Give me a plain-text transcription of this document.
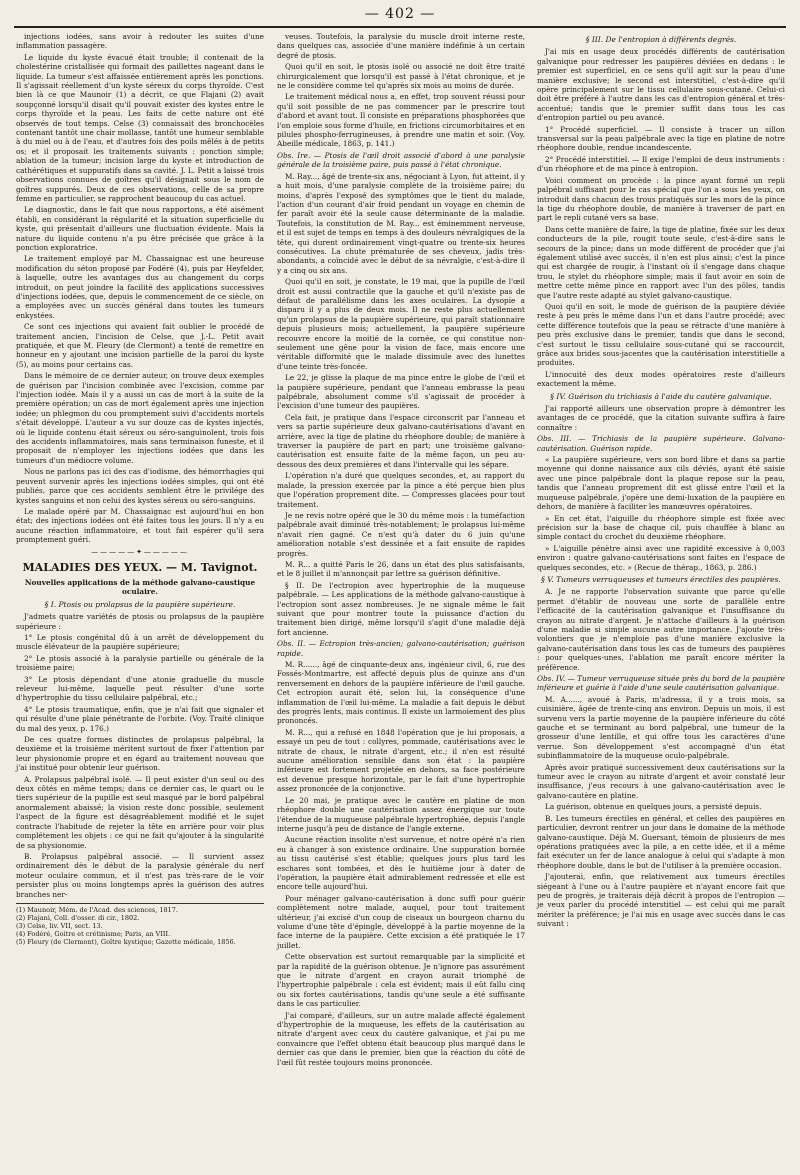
— 402 —

injections iodées, sans avoir à redouter les suites d'une inflammation passagère.

Le liquide du kyste évacué était trouble; il contenait de la cholestérine cristallisée qui formait des paillettes nageant dans le liquide. La tumeur s'est affaissée entièrement après les ponctions. Il s'agissait réellement d'un kyste séreux du corps thyroïde. C'est bien là ce que Maunoir (1) a décrit, ce que Flajani (2) avait soupçonné lorsqu'il disait qu'il pouvait exister des kystes entre le corps thyroïde et la peau. Les faits de cette nature ont été observés de tout temps. Celse (3) connaissait des bronchocèles contenant tantôt une chair mollasse, tantôt une humeur semblable à du miel ou à de l'eau, et d'autres fois des poils mêlés à de petits os; et il proposait les traitements suivants : ponction simple; ablation de la tumeur; incision large du kyste et introduction de cathérétiques et suppuratifs dans sa cavité. J. L. Petit a laissé trois observations connues de goîtres qu'il désignait sous le nom de goîtres suppurés. Deux de ces observations, celle de sa propre femme en particulier, se rapprochent beaucoup du cas actuel.

Le diagnostic, dans le fait que nous rapportons, a été aisément établi, en considérant la régularité et la situation superficielle du kyste, qui présentait d'ailleurs une fluctuation évidente. Mais la nature du liquide contenu n'a pu être précisée que grâce à la ponction exploratrice.

Le traitement employé par M. Chassaignac est une heureuse modification du séton proposé par Fodéré (4), puis par Heyfelder, à laquelle, outre les avantages dus au changement du corps introduit, on peut joindre la facilité des applications successives d'injections iodées, que, depuis le commencement de ce siècle, on a employées avec un succès général dans toutes les tumeurs enkystées.

Ce sont ces injections qui avaient fait oublier le procédé de traitement ancien, l'incision de Celse, que J.-L. Petit avait pratiquée, et que M. Fleury (de Clermont) a tenté de remettre en honneur en y ajoutant une incision partielle de la paroi du kyste (5), au moins pour certains cas.

Dans le mémoire de ce dernier auteur, on trouve deux exemples de guérison par l'incision combinée avec l'excision, comme par l'injection iodée. Mais il y a aussi un cas de mort à la suite de la première opération; un cas de mort également après une injection iodée; un phlegmon du cou promptement suivi d'accidents mortels s'était développé. L'auteur a vu sur douze cas de kystes injectés, où le liquide contenu était séreux ou séro-sanguinolent, trois fois des accidents inflammatoires, mais sans terminaison funeste, et il proposait de n'employer les injections iodées que dans les tumeurs d'un médiocre volume.

Nous ne parlons pas ici des cas d'iodisme, des hémorrhagies qui peuvent survenir après les injections iodées simples, qui ont été publiés, parce que ces accidents semblent être le privilége des kystes sanguins et non celui des kystes séreux ou séro-sanguins.

Le malade opéré par M. Chassaignac est aujourd'hui en bon état; des injections iodées ont été faites tous les jours. Il n'y a eu aucune réaction inflammatoire, et tout fait espérer qu'il sera promptement guéri.

—————✦—————

MALADIES DES YEUX. — M. Tavignot.

Nouvelles applications de la méthode galvano-caustique oculaire.

§ I. Ptosis ou prolapsus de la paupière supérieure.

J'admets quatre variétés de ptosis ou prolapsus de la paupière supérieure :

1° Le ptosis congénital dû à un arrêt de développement du muscle élévateur de la paupière supérieure;

2° Le ptosis associé à la paralysie partielle ou générale de la troisième paire;

3° Le ptosis dépendant d'une atonie graduelle du muscle releveur lui-même, laquelle peut résulter d'une sorte d'hypertrophie du tissu cellulaire palpébral, etc.;

4° Le ptosis traumatique, enfin, que je n'ai fait que signaler et qui résulte d'une plaie pénétrante de l'orbite. (Voy. Traité clinique du mal des yeux, p. 176.)

De ces quatre formes distinctes de prolapsus palpébral, la deuxième et la troisième méritent surtout de fixer l'attention par leur physionomie propre et en égard au traitement nouveau que j'ai institué pour obtenir leur guérison.

A. Prolapsus palpébral isolé. — Il peut exister d'un seul ou des deux côtés en même temps; dans ce dernier cas, le quart ou le tiers supérieur de la pupille est seul masqué par le bord palpébral anormalement abaissé; la vision reste donc possible, seulement l'aspect de la figure est désagréablement modifié et le sujet contracte l'habitude de rejeter la tête en arrière pour voir plus complétement les objets : ce qui ne fait qu'ajouter à la singularité de sa physionomie.

B. Prolapsus palpébral associé. — Il survient assez ordinairement dès le début de la paralysie générale du nerf moteur oculaire commun, et il n'est pas très-rare de le voir persister plus ou moins longtemps après la guérison des autres branches ner-

(1) Maunoir, Mém. de l'Acad. des sciences, 1817.
(2) Flajani, Coll. d'osser. di cir., 1802.
(3) Celse, liv. VII, sect. 13.
(4) Fodéré, Goitre et crétinisme; Paris, an VIII.
(5) Fleury (de Clermont), Goître kystique; Gazette médicale, 1856.

veuses. Toutefois, la paralysie du muscle droit interne reste, dans quelques cas, associée d'une manière indéfinie à un certain degré de ptosis.

Quoi qu'il en soit, le ptosis isolé ou associé ne doit être traité chirurgicalement que lorsqu'il est passé à l'état chronique, et je ne le considère comme tel qu'après six mois au moins de durée.

Le traitement médical nous a, en effet, trop souvent réussi pour qu'il soit possible de ne pas commencer par le prescrire tout d'abord et avant tout. Il consiste en préparations phosphorées que l'on emploie sous forme d'huile, en frictions circumorbitaires et en pilules phospho-ferrugineuses, à prendre une matin et soir. (Voy. Abeille médicale, 1863, p. 141.)

Obs. Ire. — Ptosis de l'œil droit associé d'abord à une paralysie générale de la troisième paire, puis passé à l'état chronique.

M. Ray..., âgé de trente-six ans, négociant à Lyon, fut atteint, il y a huit mois, d'une paralysie complète de la troisième paire; du moins, d'après l'exposé des symptômes que le tient du malade, l'action d'un courant d'air froid pendant un voyage en chemin de fer paraît avoir été la seule cause déterminante de la maladie. Toutefois, la constitution de M. Ray... est éminemment nerveuse, et il est sujet de temps en temps à des douleurs névralgiques de la tête, qui durent ordinairement vingt-quatre ou trente-six heures consécutives. La chute prématurée de ses cheveux, jadis très-abondants, a coïncidé avec le début de sa névralgie, c'est-à-dire il y a cinq ou six ans.

Quoi qu'il en soit, je constate, le 19 mai, que la pupille de l'œil droit est aussi contractile que la gauche et qu'il n'existe pas de défaut de parallélisme dans les axes oculaires. La dysopie a disparu il y a plus de deux mois. Il ne reste plus actuellement qu'un prolapsus de la paupière supérieure, qui paraît stationnaire depuis plusieurs mois; actuellement, la paupière supérieure recouvre encore la moitié de la cornée, ce qui constitue non-seulement une gêne pour la vision de face, mais encore une véritable difformité que le malade dissimule avec des lunettes d'une teinte très-foncée.

Le 22, je glisse la plaque de ma pince entre le globe de l'œil et la paupière supérieure, pendant que l'anneau embrasse la peau palpébrale, absolument comme s'il s'agissait de procéder à l'excision d'une tumeur des paupières.

Cela fait, je pratique dans l'espace circonscrit par l'anneau et vers sa partie supérieure deux galvano-cautérisations d'avant en arrière, avec la tige de platine du rhéophore double; de manière à traverser la paupière de part en part; une troisième galvano-cautérisation est ensuite faite de la même façon, un peu au-dessous des deux premières et dans l'intervalle qui les sépare.

L'opération n'a duré que quelques secondes, et, au rapport du malade, la pression exercée par la pince a été perçue bien plus que l'opération proprement dite. — Compresses glacées pour tout traitement.

Je ne revis notre opéré que le 30 du même mois : la tuméfaction palpébrale avait diminué très-notablement; le prolapsus lui-même n'avait rien gagné. Ce n'est qu'à dater du 6 juin qu'une amélioration notable s'est dessinée et a fait ensuite de rapides progrès.

M. R... a quitté Paris le 26, dans un état des plus satisfaisants, et le 8 juillet il m'annonçait par lettre sa guérison définitive.

§ II. De l'ectropion avec hypertrophie de la muqueuse palpébrale. — Les applications de la méthode galvano-caustique à l'ectropion sont assez nombreuses. Je ne signale même le fait suivant que pour montrer toute la puissance d'action du traitement bien dirigé, même lorsqu'il s'agit d'une maladie déjà fort ancienne.

Obs. II. — Ectropion très-ancien; galvano-cautérisation; guérison rapide.

M. R......, âgé de cinquante-deux ans, ingénieur civil, 6, rue des Fossés-Montmartre, est affecté depuis plus de quinze ans d'un renversement en dehors de la paupière inférieure de l'œil gauche. Cet ectropion aurait été, selon lui, la conséquence d'une inflammation de l'œil lui-même. La maladie a fait depuis le début des progrès lents, mais continus. Il existe un larmoiement des plus prononcés.

M. R..., qui a refusé en 1848 l'opération que je lui proposais, a essayé un peu de tout : collyres, pommade, cautérisations avec le nitrate de chaux, le nitrate d'argent, etc.; il n'en est résulté aucune amélioration sensible dans son état : la paupière inférieure est fortement projetée en dehors, sa face postérieure est devenue presque horizontale, par le fait d'une hypertrophie assez prononcée de la conjonctive.

Le 20 mai, je pratique avec le cautère en platine de mon rhéophore double une cautérisation assez énergique sur toute l'étendue de la muqueuse palpébrale hypertrophiée, depuis l'angle interne jusqu'à peu de distance de l'angle externe.

Aucune réaction insolite n'est survenue, et notre opéré n'a rien eu à changer à son existence ordinaire. Une suppuration bornée au tissu cautérisé s'est établie; quelques jours plus tard les eschares sont tombées, et dès le huitième jour à dater de l'opération, la paupière était admirablement redressée et elle est encore telle aujourd'hui.

Pour ménager galvano-cautérisation à donc suffi pour guérir complètement notre malade, auquel, pour tout traitement ultérieur, j'ai excisé d'un coup de ciseaux un bourgeon charnu du volume d'une tête d'épingle, développé à la partie moyenne de la face interne de la paupière. Cette excision a été pratiquée le 17 juillet.

Cette observation est surtout remarquable par la simplicité et par la rapidité de la guérison obtenue. Je n'ignore pas assurément que le nitrate d'argent en crayon aurait triomphé de l'hypertrophie palpébrale : cela est évident; mais il eût fallu cinq ou six fortes cautérisations, tandis qu'une seule a été suffisante dans le cas particulier.

J'ai comparé, d'ailleurs, sur un autre malade affecté également d'hypertrophie de la muqueuse, les effets de la cautérisation au nitrate d'argent avec ceux du cautère galvanique, et j'ai pu me convaincre que l'effet obtenu était beaucoup plus marqué dans le dernier cas que dans le premier, bien que la réaction du côté de l'œil fût restée toujours moins prononcée.

§ III. De l'entropion à différents degrés.

J'ai mis en usage deux procédés différents de cautérisation galvanique pour redresser les paupières déviées en dedans : le premier est superficiel, en ce sens qu'il agit sur la peau d'une manière exclusive; le second est interstitiel, c'est-à-dire qu'il opère principalement sur le tissu cellulaire sous-cutané. Celui-ci doit être préféré à l'autre dans les cas d'entropion général et très-accentué; tandis que le premier suffit dans tous les cas d'entropion partiel ou peu avancé.

1° Procédé superficiel. — Il consiste à tracer un sillon transversal sur la peau palpébrale avec la tige en platine de notre rhéophore double, rendue incandescente.

2° Procédé interstitiel. — Il exige l'emploi de deux instruments : d'un rhéophore et de ma pince à entropion.

Voici comment on procède : la pince ayant formé un repli palpébral suffisant pour le cas spécial que l'on a sous les yeux, on introduit dans chacun des trous pratiqués sur les mors de la pince la tige du rhéophore double, de manière à traverser de part en part le repli cutané vers sa base.

Dans cette manière de faire, la tige de platine, fixée sur les deux conducteurs de la pile, rougit toute seule, c'est-à-dire sans le secours de la pince; dans un mode différent de procéder que j'ai également utilisé avec succès, il n'en est plus ainsi; c'est la pince qui est chargée de rougir, à l'instant où il s'engage dans chaque trou, le stylet du rhéophore simple; mais il faut avoir en soin de mettre cette même pince en rapport avec l'un des pôles, tandis que l'autre reste adapté au stylet galvano-caustique.

Quoi qu'il en soit, le mode de guérison de la paupière déviée reste à peu près le même dans l'un et dans l'autre procédé; avec cette différence toutefois que la peau se rétracte d'une manière à peu près exclusive dans le premier, tandis que dans le second, c'est surtout le tissu cellulaire sous-cutané qui se raccourcit, grâce aux brides sous-jacentes que la cautérisation interstitielle a produites.

L'innocuité des deux modes opératoires reste d'ailleurs exactement la même.

§ IV. Guérison du trichiasis à l'aide du cautère galvanique.

J'ai rapporté ailleurs une observation propre à démontrer les avantages de ce procédé, que la citation suivante suffira à faire connaître :

Obs. III. — Trichiasis de la paupière supérieure. Galvano-cautérisation. Guérison rapide.

« La paupière supérieure, vers son bord libre et dans sa partie moyenne qui donne naissance aux cils déviés, ayant été saisie avec une pince palpébrale dont la plaque repose sur la peau, tandis que l'anneau proprement dit est glissé entre l'œil et la muqueuse palpébrale, j'opère une demi-luxation de la paupière en dehors, de manière à faciliter les manœuvres opératoires.

» En cet état, l'aiguille du rhéophore simple est fixée avec précision sur la base de chaque cil, puis chauffée à blanc au simple contact du crochet du deuxième rhéophore.

» L'aiguille pénètre ainsi avec une rapidité excessive à 0,003 environ : quatre galvano-cautérisations sont faites en l'espace de quelques secondes, etc. » (Recue de thérap., 1863, p. 286.)

§ V. Tumeurs verruqueuses et tumeurs érectiles des paupières.

A. Je ne rapporte l'observation suivante que parce qu'elle permet d'établir de nouveau une sorte de parallèle entre l'efficacité de la cautérisation galvanique et l'insuffisance du crayon au nitrate d'argent. Je n'attache d'ailleurs à la guérison d'une maladie si simple aucune autre importance. J'ajoute très-volontiers que je n'emploie pas d'une manière exclusive la galvano-cautérisation dans tous les cas de tumeurs des paupières : pour quelques-unes, l'ablation me paraît encore mériter la préférence.

Obs. IV. — Tumeur verruqueuse située près du bord de la paupière inférieure et guérie à l'aide d'une seule cautérisation galvanique.

M. A......, avoué à Paris, m'adressa, il y a trois mois, sa cuisinière, âgée de trente-cinq ans environ. Depuis un mois, il est survenu vers la partie moyenne de la paupière inférieure du côté gauche et se terminant au bord palpébral, une tumeur de la grosseur d'une lentille, et qui offre tous les caractères d'une verrue. Son développement s'est accompagné d'un état subinflammatoire de la muqueuse oculo-palpébrale.

Après avoir pratiqué successivement deux cautérisations sur la tumeur avec le crayon au nitrate d'argent et avoir constaté leur insuffisance, j'eus recours à une galvano-cautérisation avec le galvano-cautère en platine.

La guérison, obtenue en quelques jours, a persisté depuis.

B. Les tumeurs érectiles en général, et celles des paupières en particulier, devront rentrer un jour dans le domaine de la méthode galvano-caustique. Déjà M. Guersant, témoin de plusieurs de mes opérations pratiquées avec la pile, a en cette idée, et il a même fait exécuter un fer de lance analogue à celui qui s'adapte à mon rhéophore double, dans le but de l'utiliser à la première occasion.

J'ajouterai, enfin, que relativement aux tumeurs érectiles siégeant à l'une ou à l'autre paupière et n'ayant encore fait que peu de progrès, je traiterais déjà décrit à propos de l'entropion — je veux parler du procédé interstitiel — est celui qui me paraît mériter la préférence; je l'ai mis en usage avec succès dans le cas suivant :
